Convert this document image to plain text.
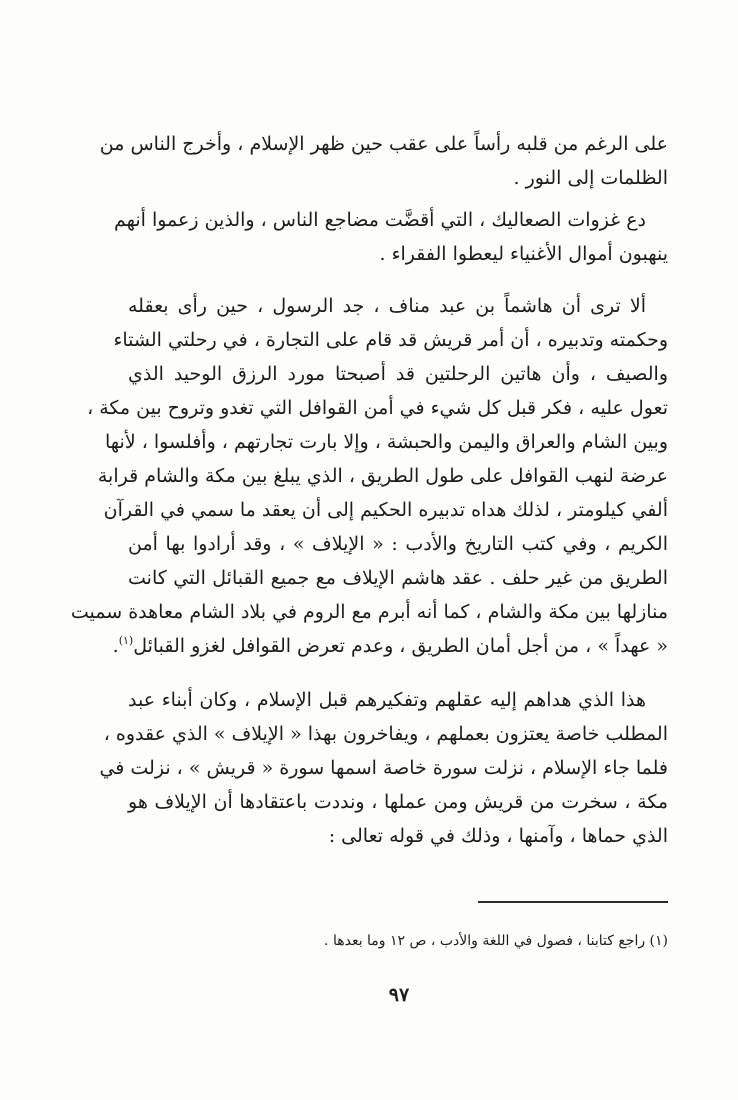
على الرغم من قلبه رأساً على عقب حين ظهر الإسلام ، وأخرج الناس من
الظلمات إلى النور .
دع غزوات الصعاليك ، التي أقضَّت مضاجع الناس ، والذين زعموا أنهم
ينهبون أموال الأغنياء ليعطوا الفقراء .
ألا ترى أن هاشماً بن عبد مناف ، جد الرسول ، حين رأى بعقله
وحكمته وتدبيره ، أن أمر قريش قد قام على التجارة ، في رحلتي الشتاء
والصيف ، وأن هاتين الرحلتين قد أصبحتا مورد الرزق الوحيد الذي
تعول عليه ، فكر قبل كل شيء في أمن القوافل التي تغدو وتروح بين مكة ،
وبين الشام والعراق واليمن والحبشة ، وإلا بارت تجارتهم ، وأفلسوا ، لأنها
عرضة لنهب القوافل على طول الطريق ، الذي يبلغ بين مكة والشام قرابة
ألفي كيلومتر ، لذلك هداه تدبيره الحكيم إلى أن يعقد ما سمي في القرآن
الكريم ، وفي كتب التاريخ والأدب : « الإيلاف » ، وقد أرادوا بها أمن
الطريق من غير حلف . عقد هاشم الإيلاف مع جميع القبائل التي كانت
منازلها بين مكة والشام ، كما أنه أبرم مع الروم في بلاد الشام معاهدة سميت
« عهداً » ، من أجل أمان الطريق ، وعدم تعرض القوافل لغزو القبائل$^{(١)}$.
هذا الذي هداهم إليه عقلهم وتفكيرهم قبل الإسلام ، وكان أبناء عبد
المطلب خاصة يعتزون بعملهم ، ويفاخرون بهذا « الإيلاف » الذي عقدوه ،
فلما جاء الإسلام ، نزلت سورة خاصة اسمها سورة « قريش » ، نزلت في
مكة ، سخرت من قريش ومن عملها ، ونددت باعتقادها أن الإيلاف هو
الذي حماها ، وآمنها ، وذلك في قوله تعالى :
(١) راجع كتابنا ، فصول في اللغة والأدب ، ص ١٢ وما بعدها .
٩٧
